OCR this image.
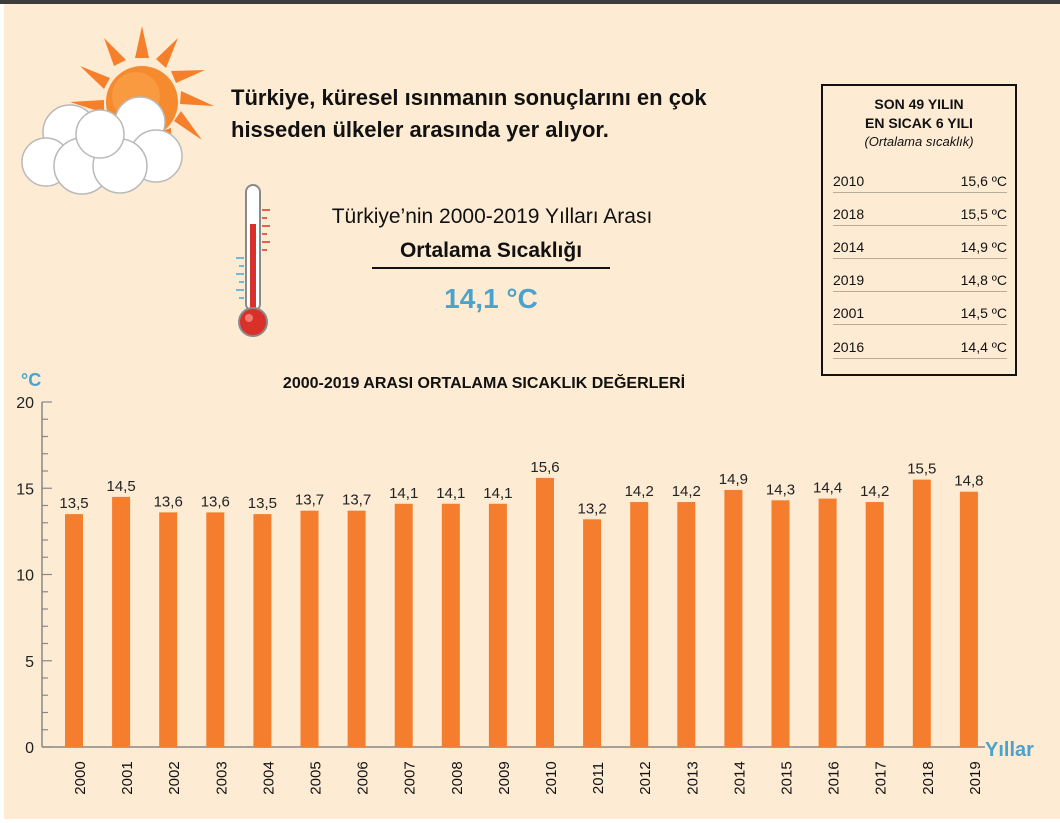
Türkiye, küresel ısınmanın sonuçlarını en çok
hisseden ülkeler arasında yer alıyor.

Türkiye’nin 2000-2019 Yılları Arası
Ortalama Sıcaklığı
14,1 °C
SON 49 YILIN
EN SICAK 6 YILI
(Ortalama sıcaklık)
2010	15,6 ºC
2018	15,5 ºC
2014	14,9 ºC
2019	14,8 ºC
2001	14,5 ºC
2016	14,4 ºC
2000-2019 ARASI ORTALAMA SICAKLIK DEĞERLERİ
°C
Yıllar
0
5
10
15
20
13,5
14,5
13,6 13,6 13,5 13,7 13,7 14,1 14,1 14,1
15,6
13,2
14,2 14,2
14,9
14,3 14,4 14,2
15,5
14,8
2000 2001 2002 2003 2004 2005 2006 2007 2008 2009 2010 2011 2012 2013 2014 2015 2016 2017 2018 2019
